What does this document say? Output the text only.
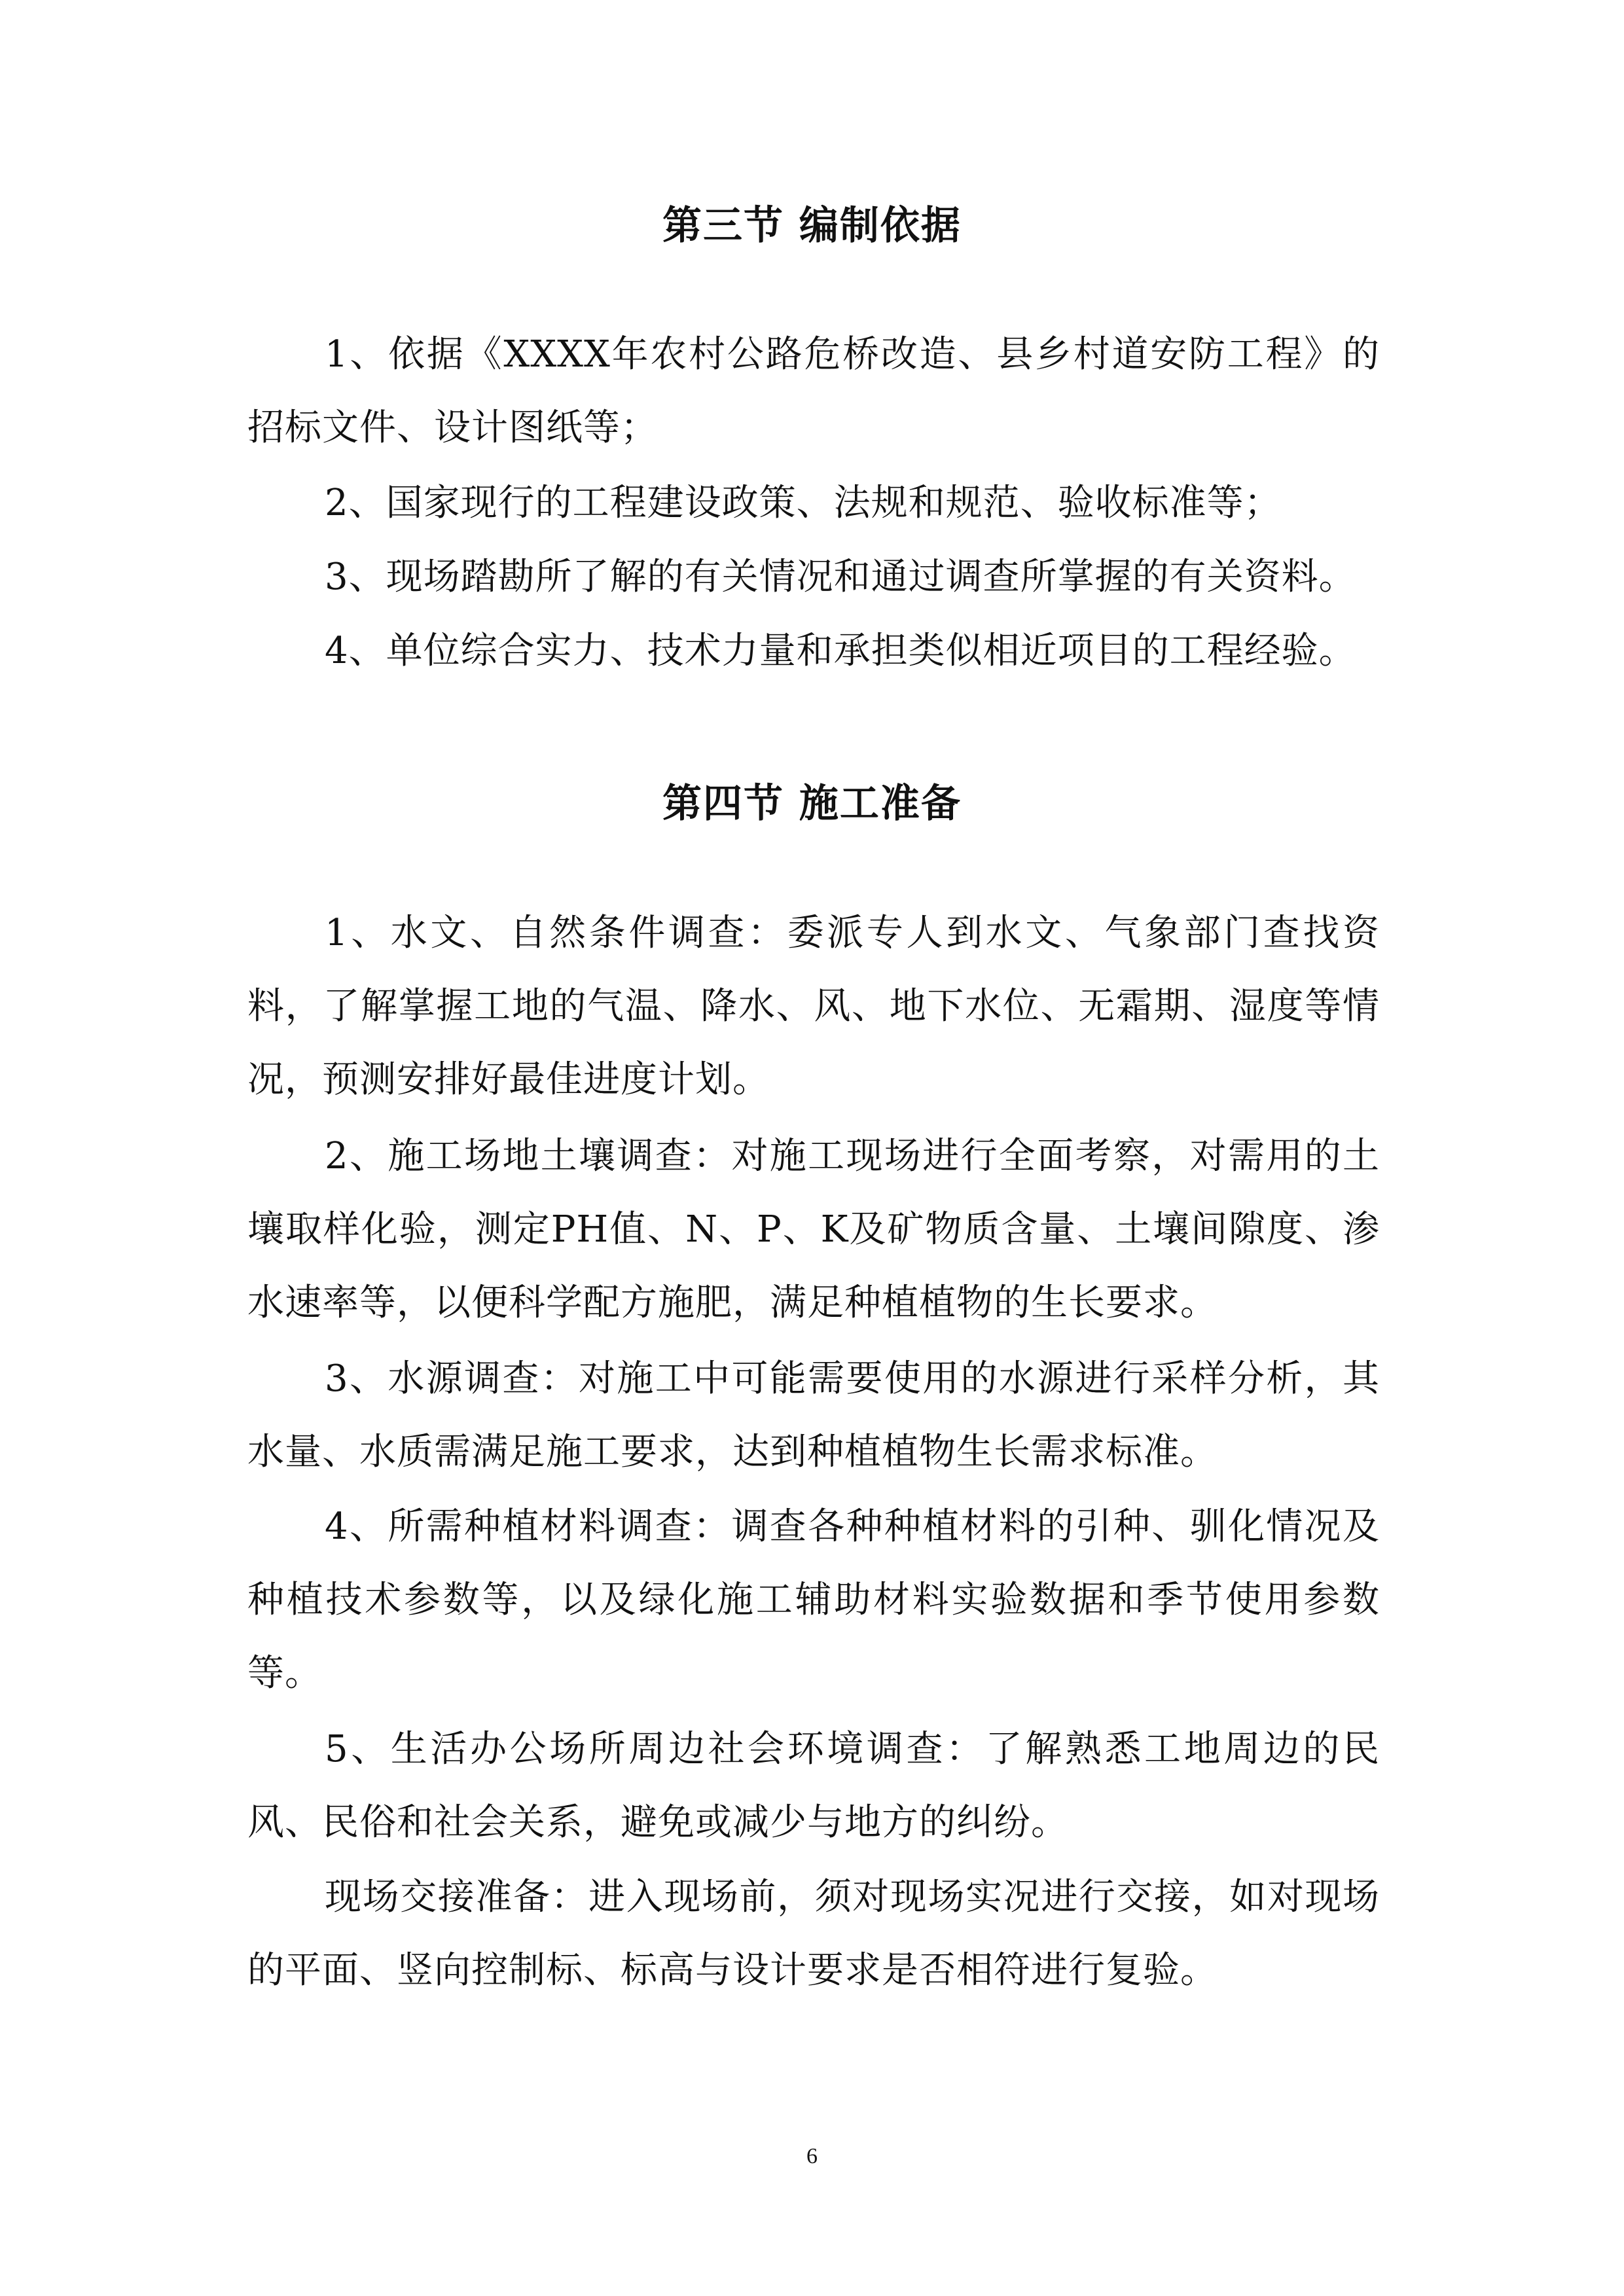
第三节 编制依据

1、依据《XXXX年农村公路危桥改造、县乡村道安防工程》的招标文件、设计图纸等；

2、国家现行的工程建设政策、法规和规范、验收标准等；

3、现场踏勘所了解的有关情况和通过调查所掌握的有关资料。

4、单位综合实力、技术力量和承担类似相近项目的工程经验。

第四节 施工准备

1、水文、自然条件调查：委派专人到水文、气象部门查找资料，了解掌握工地的气温、降水、风、地下水位、无霜期、湿度等情况，预测安排好最佳进度计划。

2、施工场地土壤调查：对施工现场进行全面考察，对需用的土壤取样化验，测定PH值、N、P、K及矿物质含量、土壤间隙度、渗水速率等，以便科学配方施肥，满足种植植物的生长要求。

3、水源调查：对施工中可能需要使用的水源进行采样分析，其水量、水质需满足施工要求，达到种植植物生长需求标准。

4、所需种植材料调查：调查各种种植材料的引种、驯化情况及种植技术参数等，以及绿化施工辅助材料实验数据和季节使用参数等。

5、生活办公场所周边社会环境调查：了解熟悉工地周边的民风、民俗和社会关系，避免或减少与地方的纠纷。

现场交接准备：进入现场前，须对现场实况进行交接，如对现场的平面、竖向控制标、标高与设计要求是否相符进行复验。

6
